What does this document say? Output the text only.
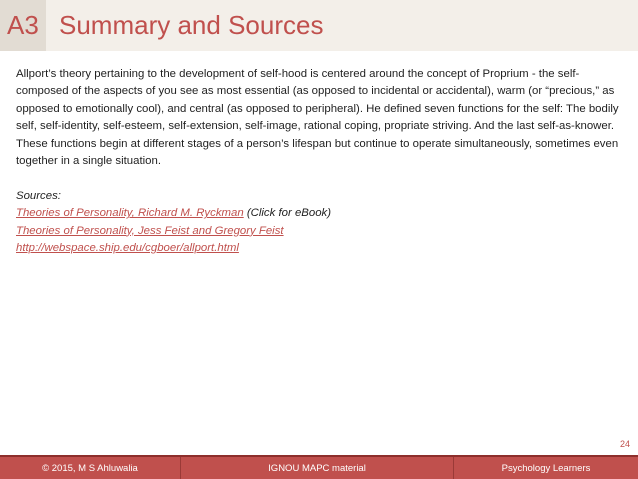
A3 Summary and Sources

Allport’s theory pertaining to the development of self-hood is centered around the concept of Proprium - the self-composed of the aspects of you see as most essential (as opposed to incidental or accidental), warm (or “precious,” as opposed to emotionally cool), and central (as opposed to peripheral). He defined seven functions for the self: The bodily self, self-identity, self-esteem, self-extension, self-image, rational coping, propriate striving. And the last self-as-knower. These functions begin at different stages of a person’s lifespan but continue to operate simultaneously, sometimes even together in a single situation.

Sources:
Theories of Personality, Richard M. Ryckman (Click for eBook)
Theories of Personality, Jess Feist and Gregory Feist
http://webspace.ship.edu/cgboer/allport.html
24
© 2015, M S Ahluwalia	IGNOU MAPC material	Psychology Learners
